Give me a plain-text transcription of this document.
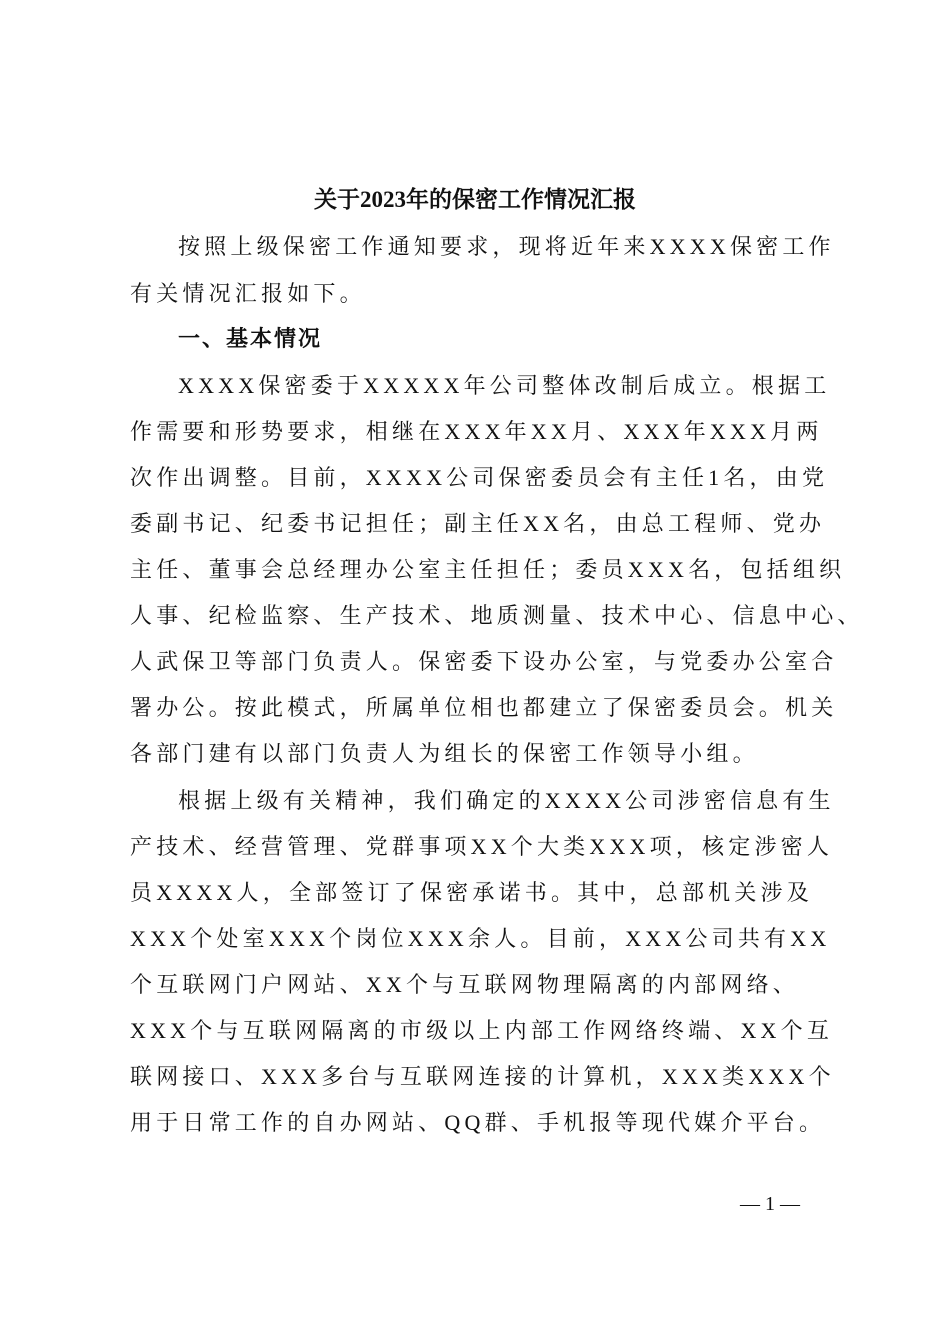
关于2023年的保密工作情况汇报
按照上级保密工作通知要求，现将近年来XXXX保密工作
有关情况汇报如下。
一、基本情况
XXXX保密委于XXXXX年公司整体改制后成立。根据工
作需要和形势要求，相继在XXX年XX月、XXX年XXX月两
次作出调整。目前，XXXX公司保密委员会有主任1名，由党
委副书记、纪委书记担任；副主任XX名，由总工程师、党办
主任、董事会总经理办公室主任担任；委员XXX名，包括组织
人事、纪检监察、生产技术、地质测量、技术中心、信息中心、
人武保卫等部门负责人。保密委下设办公室，与党委办公室合
署办公。按此模式，所属单位相也都建立了保密委员会。机关
各部门建有以部门负责人为组长的保密工作领导小组。
根据上级有关精神，我们确定的XXXX公司涉密信息有生
产技术、经营管理、党群事项XX个大类XXX项，核定涉密人
员XXXX人，全部签订了保密承诺书。其中，总部机关涉及
XXX个处室XXX个岗位XXX余人。目前，XXX公司共有XX
个互联网门户网站、XX个与互联网物理隔离的内部网络、
XXX个与互联网隔离的市级以上内部工作网络终端、XX个互
联网接口、XXX多台与互联网连接的计算机，XXX类XXX个
用于日常工作的自办网站、QQ群、手机报等现代媒介平台。
— 1 —
